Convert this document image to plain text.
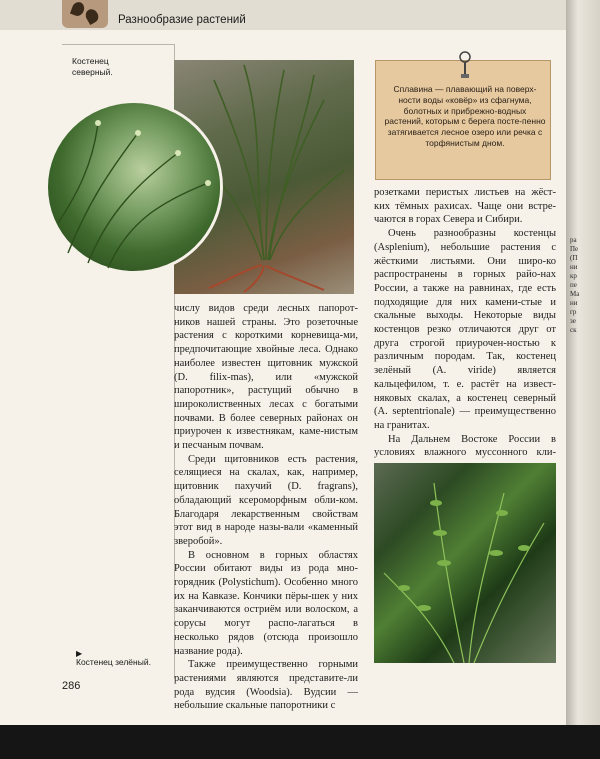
Разнообразие растений
Костенец
северный.
Сплавина — плавающий на поверх-ности воды «ковёр» из сфагнума, болотных и прибрежно-водных растений, которым с берега посте-пенно затягивается лесное озеро или речка с торфянистым дном.

числу видов среди лесных папорот-ников нашей страны. Это розеточные растения с короткими корневища-ми, предпочитающие хвойные леса. Однако наиболее известен щитовник мужской (D. filix-mas), или «мужской папоротник», растущий обычно в широколиственных лесах с богатыми почвами. В более северных районах он приурочен к известнякам, каме-нистым и песчаным почвам.

Среди щитовников есть растения, селящиеся на скалах, как, например, щитовник пахучий (D. fragrans), обладающий ксероморфным обли-ком. Благодаря лекарственным свойствам этот вид в народе назы-вали «каменный зверобой».

В основном в горных областях России обитают виды из рода мно-горядник (Polystichum). Особенно много их на Кавказе. Кончики пёры-шек у них заканчиваются остриём или волоском, а сорусы могут распо-лагаться в несколько рядов (отсюда произошло название рода).

Также преимущественно горными растениями являются представите-ли рода вудсия (Woodsia). Вудсии — небольшие скальные папоротники с

розетками перистых листьев на жёст-ких тёмных рахисах. Чаще они встре-чаются в горах Севера и Сибири.

Очень разнообразны костенцы (Asplenium), небольшие растения с жёсткими листьями. Они широ-ко распространены в горных райо-нах России, а также на равнинах, где есть подходящие для них камени-стые и скальные выходы. Некоторые виды костенцов резко отличаются друг от друга строгой приурочен-ностью к различным породам. Так, костенец зелёный (A. viride) является кальцефилом, т. е. растёт на извест-няковых скалах, а костенец северный (A. septentrionale) — преимущественно на гранитах.

На Дальнем Востоке России в условиях влажного муссонного кли-

▶
Костенец зелёный.
286
ра
Пе
(П
ни
кр
пе
Ма
ни
гр
зе
ск
